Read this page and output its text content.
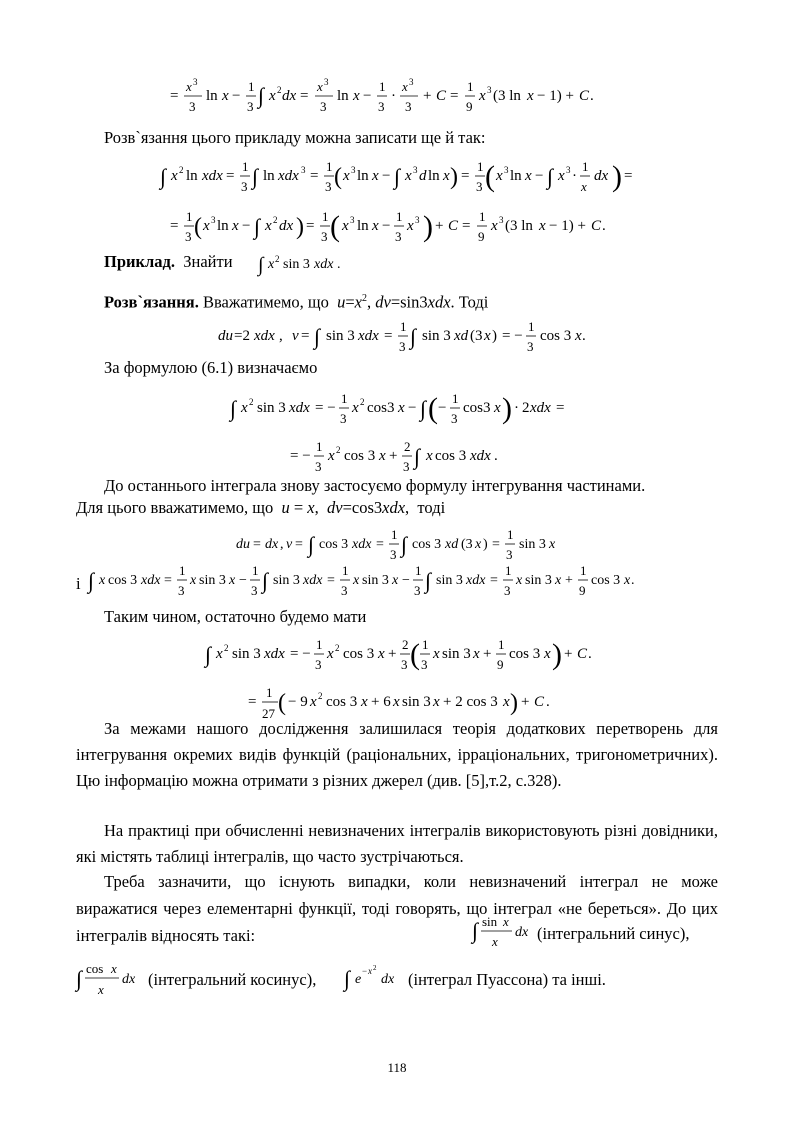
=
x 3
3
ln x −
1
3 ∫ x 2 dx =
x 3
3
ln x −
1
3
·
x 3
3
+ C =
1
9
x 3 (3 ln x − 1) + C .
Розв`язання цього прикладу можна записати ще й так:
∫ x 2 ln xdx =
1
3 ∫ ln xdx 3 =
1
3 ( x 3 ln x − ∫ x 3 d ln x ) =
1
3 ( x 3 ln x − ∫ x 3 ·
1
x
dx ) =
=
1
3 ( x 3 ln x − ∫ x 2 dx ) =
1
3 ( x 3 ln x −
1
3
x 3 ) + C =
1
9
x 3 (3 ln x − 1) + C .
Приклад. Знайти ∫ x 2 sin 3 xdx .
Розв`язання. Вважатимемо, що  $u=x^2$, dv=sin3xdx. Тоді
du =2 xdx , v = ∫ sin 3 xdx =
1
3 ∫ sin 3 xd (3 x ) = −
1
3
cos 3 x .
За формулою (6.1) визначаємо
∫ x 2 sin 3 xdx = −
1
3
x 2 cos3 x − ∫ ( −
1
3
cos3 x ) · 2 xdx =
= −
1
3
x 2 cos 3 x +
2
3 ∫ x cos 3 xdx .
До останнього інтеграла знову застосуємо формулу інтегрування частинами.
Для цього вважатимемо, що  u = x,  dv=cos3xdx,  тоді
du = dx , v = ∫ cos 3 xdx =
1
3 ∫ cos 3 xd (3 x ) =
1
3
sin 3 x
і ∫ x cos 3 xdx =
1
3
x sin 3 x −
1
3 ∫ sin 3 xdx =
1
3
x sin 3 x −
1
3 ∫ sin 3 xdx =
1
3
x sin 3 x +
1
9
cos 3 x .
Таким чином, остаточно будемо мати
∫ x 2 sin 3 xdx = −
1
3
x 2 cos 3 x +
2
3 ( 1
3
x sin 3 x +
1
9
cos 3 x ) + C .
=
1
27 ( − 9 x 2 cos 3 x + 6 x sin 3 x + 2 cos 3 x ) + C .
За межами нашого дослідження залишилася теорія додаткових перетворень для інтегрування окремих видів функцій (раціональних, ірраціональних, тригонометричних). Цю інформацію можна отримати з різних джерел (див. [5],т.2, с.328).
На практиці при обчисленні невизначених інтегралів використовують різні довідники, які містять таблиці інтегралів, що часто зустрічаються.
Треба зазначити, що існують випадки, коли невизначений інтеграл не може виражатися через елементарні функції, тоді говорять, що інтеграл «не береться». До цих інтегралів відносять такі:	∫ sin x
x
dx (інтегральний синус),
∫ cos x
x
dx (інтегральний косинус), ∫ e
− x 2
dx (інтеграл Пуассона) та інші.
118
